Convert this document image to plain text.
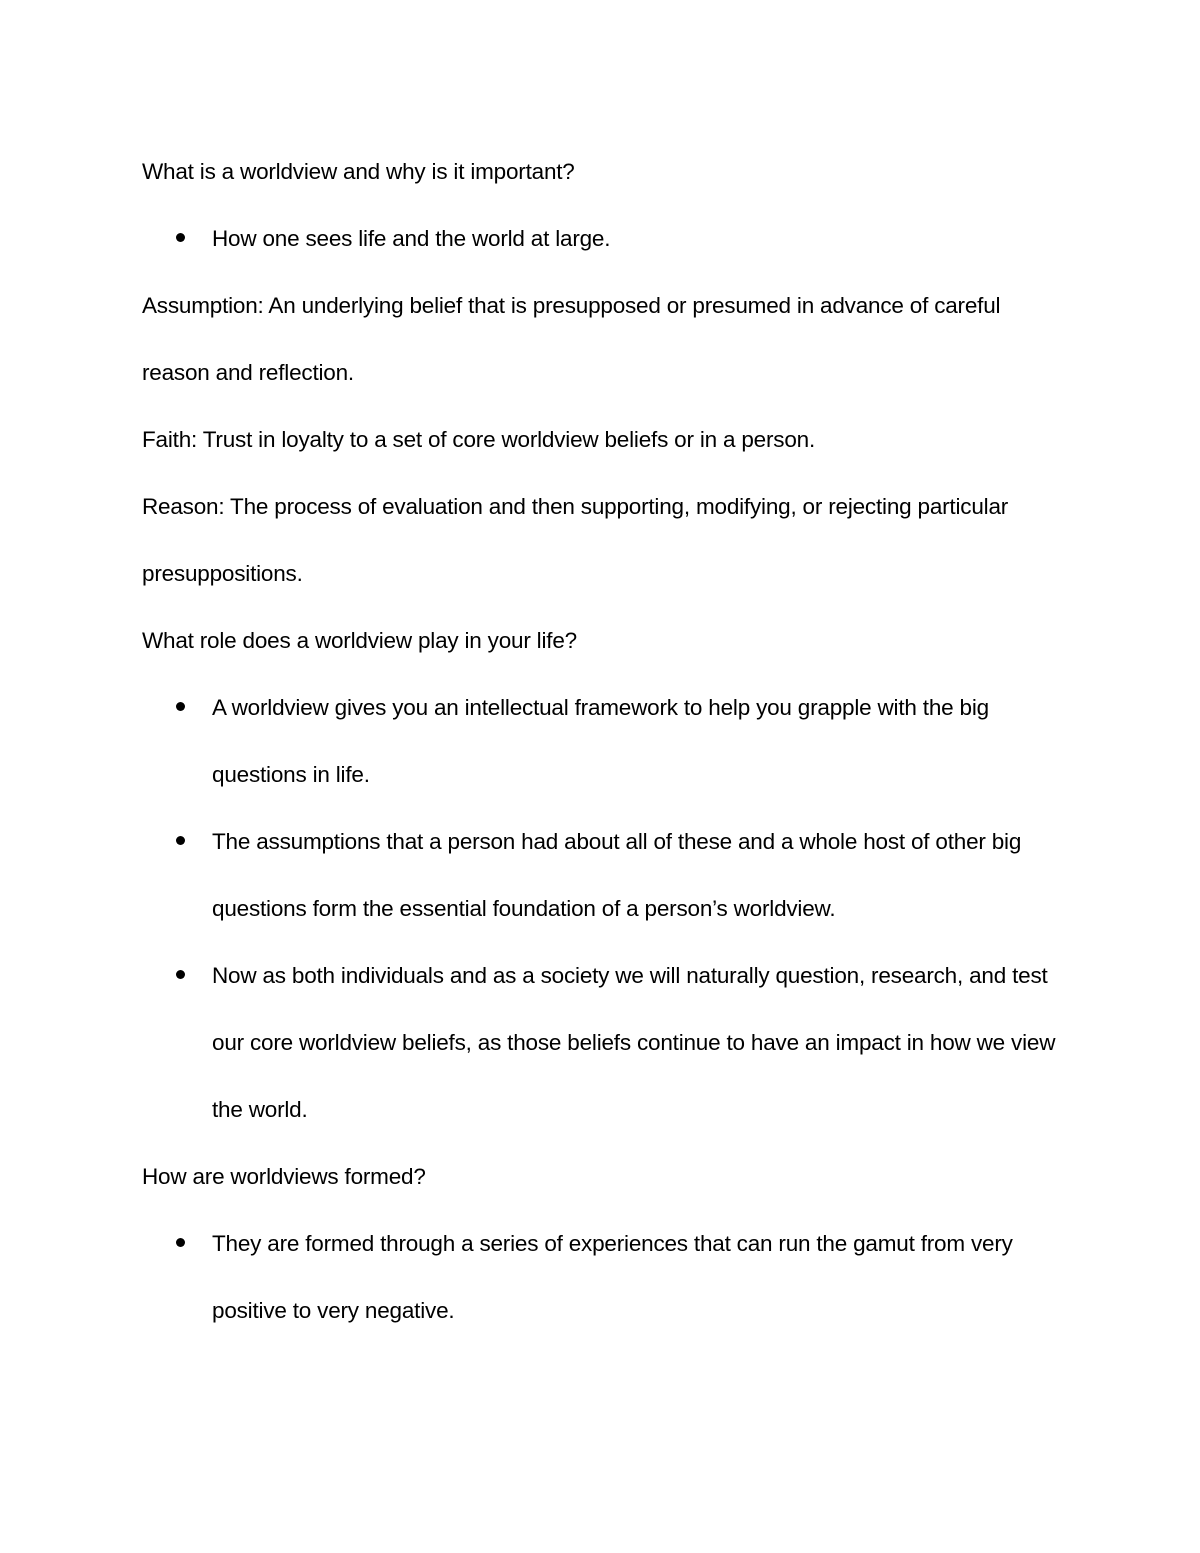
What is a worldview and why is it important?

How one sees life and the world at large.

Assumption: An underlying belief that is presupposed or presumed in advance of careful reason and reflection.

Faith: Trust in loyalty to a set of core worldview beliefs or in a person.

Reason: The process of evaluation and then supporting, modifying, or rejecting particular presuppositions.

What role does a worldview play in your life?

A worldview gives you an intellectual framework to help you grapple with the big questions in life.
The assumptions that a person had about all of these and a whole host of other big questions form the essential foundation of a person’s worldview.
Now as both individuals and as a society we will naturally question, research, and test our core worldview beliefs, as those beliefs continue to have an impact in how we view the world.

How are worldviews formed?

They are formed through a series of experiences that can run the gamut from very positive to very negative.
